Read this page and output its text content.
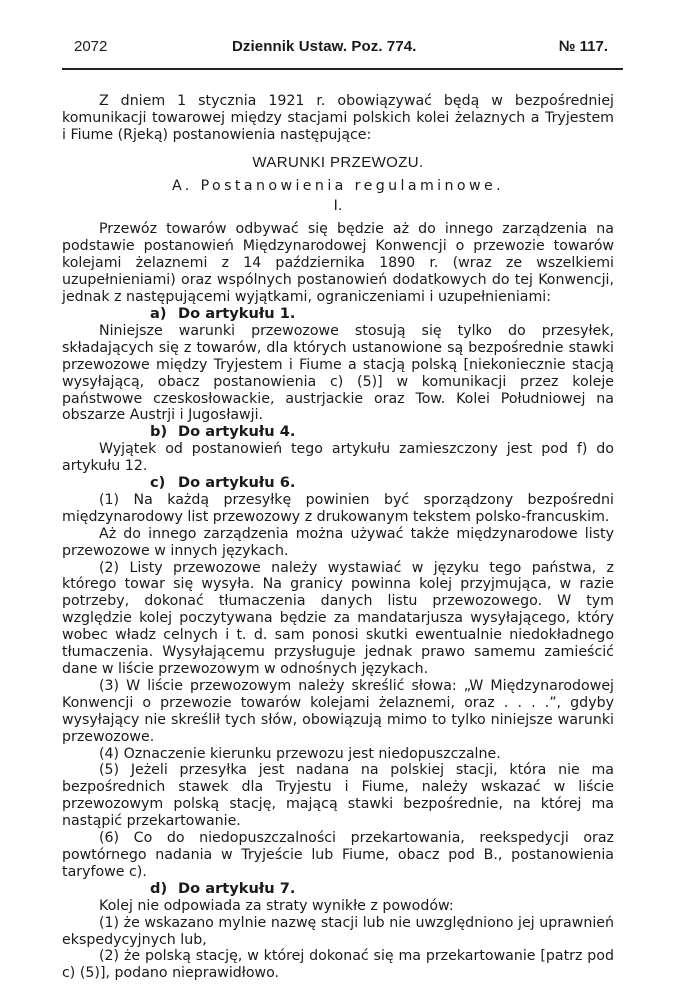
2072	Dziennik Ustaw. Poz. 774.	№ 117.

Z dniem 1 stycznia 1921 r. obowiązywać będą w bezpośredniej komunikacji towarowej między stacjami polskich kolei żelaznych a Tryjestem i Fiume (Rjeką) postanowienia następujące:

WARUNKI PRZEWOZU.

A. Postanowienia regulaminowe.

I.

Przewóz towarów odbywać się będzie aż do innego zarządzenia na podstawie postanowień Międzynarodowej Konwencji o przewozie towarów kolejami żelaznemi z 14 października 1890 r. (wraz ze wszelkiemi uzupełnieniami) oraz wspólnych postanowień dodatkowych do tej Konwencji, jednak z następującemi wyjątkami, ograniczeniami i uzupełnieniami:

a) Do artykułu 1.

Niniejsze warunki przewozowe stosują się tylko do przesyłek, składających się z towarów, dla których ustanowione są bezpośrednie stawki przewozowe między Tryjestem i Fiume a stacją polską [niekoniecznie stacją wysyłającą, obacz postanowienia c) (5)] w komunikacji przez koleje państwowe czeskosłowackie, austrjackie oraz Tow. Kolei Południowej na obszarze Austrji i Jugosławji.

b) Do artykułu 4.

Wyjątek od postanowień tego artykułu zamieszczony jest pod f) do artykułu 12.

c) Do artykułu 6.

(1) Na każdą przesyłkę powinien być sporządzony bezpośredni międzynarodowy list przewozowy z drukowanym tekstem polsko-francuskim.

Aż do innego zarządzenia można używać także międzynarodowe listy przewozowe w innych językach.

(2) Listy przewozowe należy wystawiać w języku tego państwa, z którego towar się wysyła. Na granicy powinna kolej przyjmująca, w razie potrzeby, dokonać tłumaczenia danych listu przewozowego. W tym względzie kolej poczytywana będzie za mandatarjusza wysyłającego, który wobec władz celnych i t. d. sam ponosi skutki ewentualnie niedokładnego tłumaczenia. Wysyłającemu przysługuje jednak prawo samemu zamieścić dane w liście przewozowym w odnośnych językach.

(3) W liście przewozowym należy skreślić słowa: „W Międzynarodowej Konwencji o przewozie towarów kolejami żelaznemi, oraz . . . .”, gdyby wysyłający nie skreślił tych słów, obowiązują mimo to tylko niniejsze warunki przewozowe.

(4) Oznaczenie kierunku przewozu jest niedopuszczalne.

(5) Jeżeli przesyłka jest nadana na polskiej stacji, która nie ma bezpośrednich stawek dla Tryjestu i Fiume, należy wskazać w liście przewozowym polską stację, mającą stawki bezpośrednie, na której ma nastąpić przekartowanie.

(6) Co do niedopuszczalności przekartowania, reekspedycji oraz powtórnego nadania w Tryjeście lub Fiume, obacz pod B., postanowienia taryfowe c).

d) Do artykułu 7.

Kolej nie odpowiada za straty wynikłe z powodów:

(1) że wskazano mylnie nazwę stacji lub nie uwzględniono jej uprawnień ekspedycyjnych lub,

(2) że polską stację, w której dokonać się ma przekartowanie [patrz pod c) (5)], podano nieprawidłowo.
